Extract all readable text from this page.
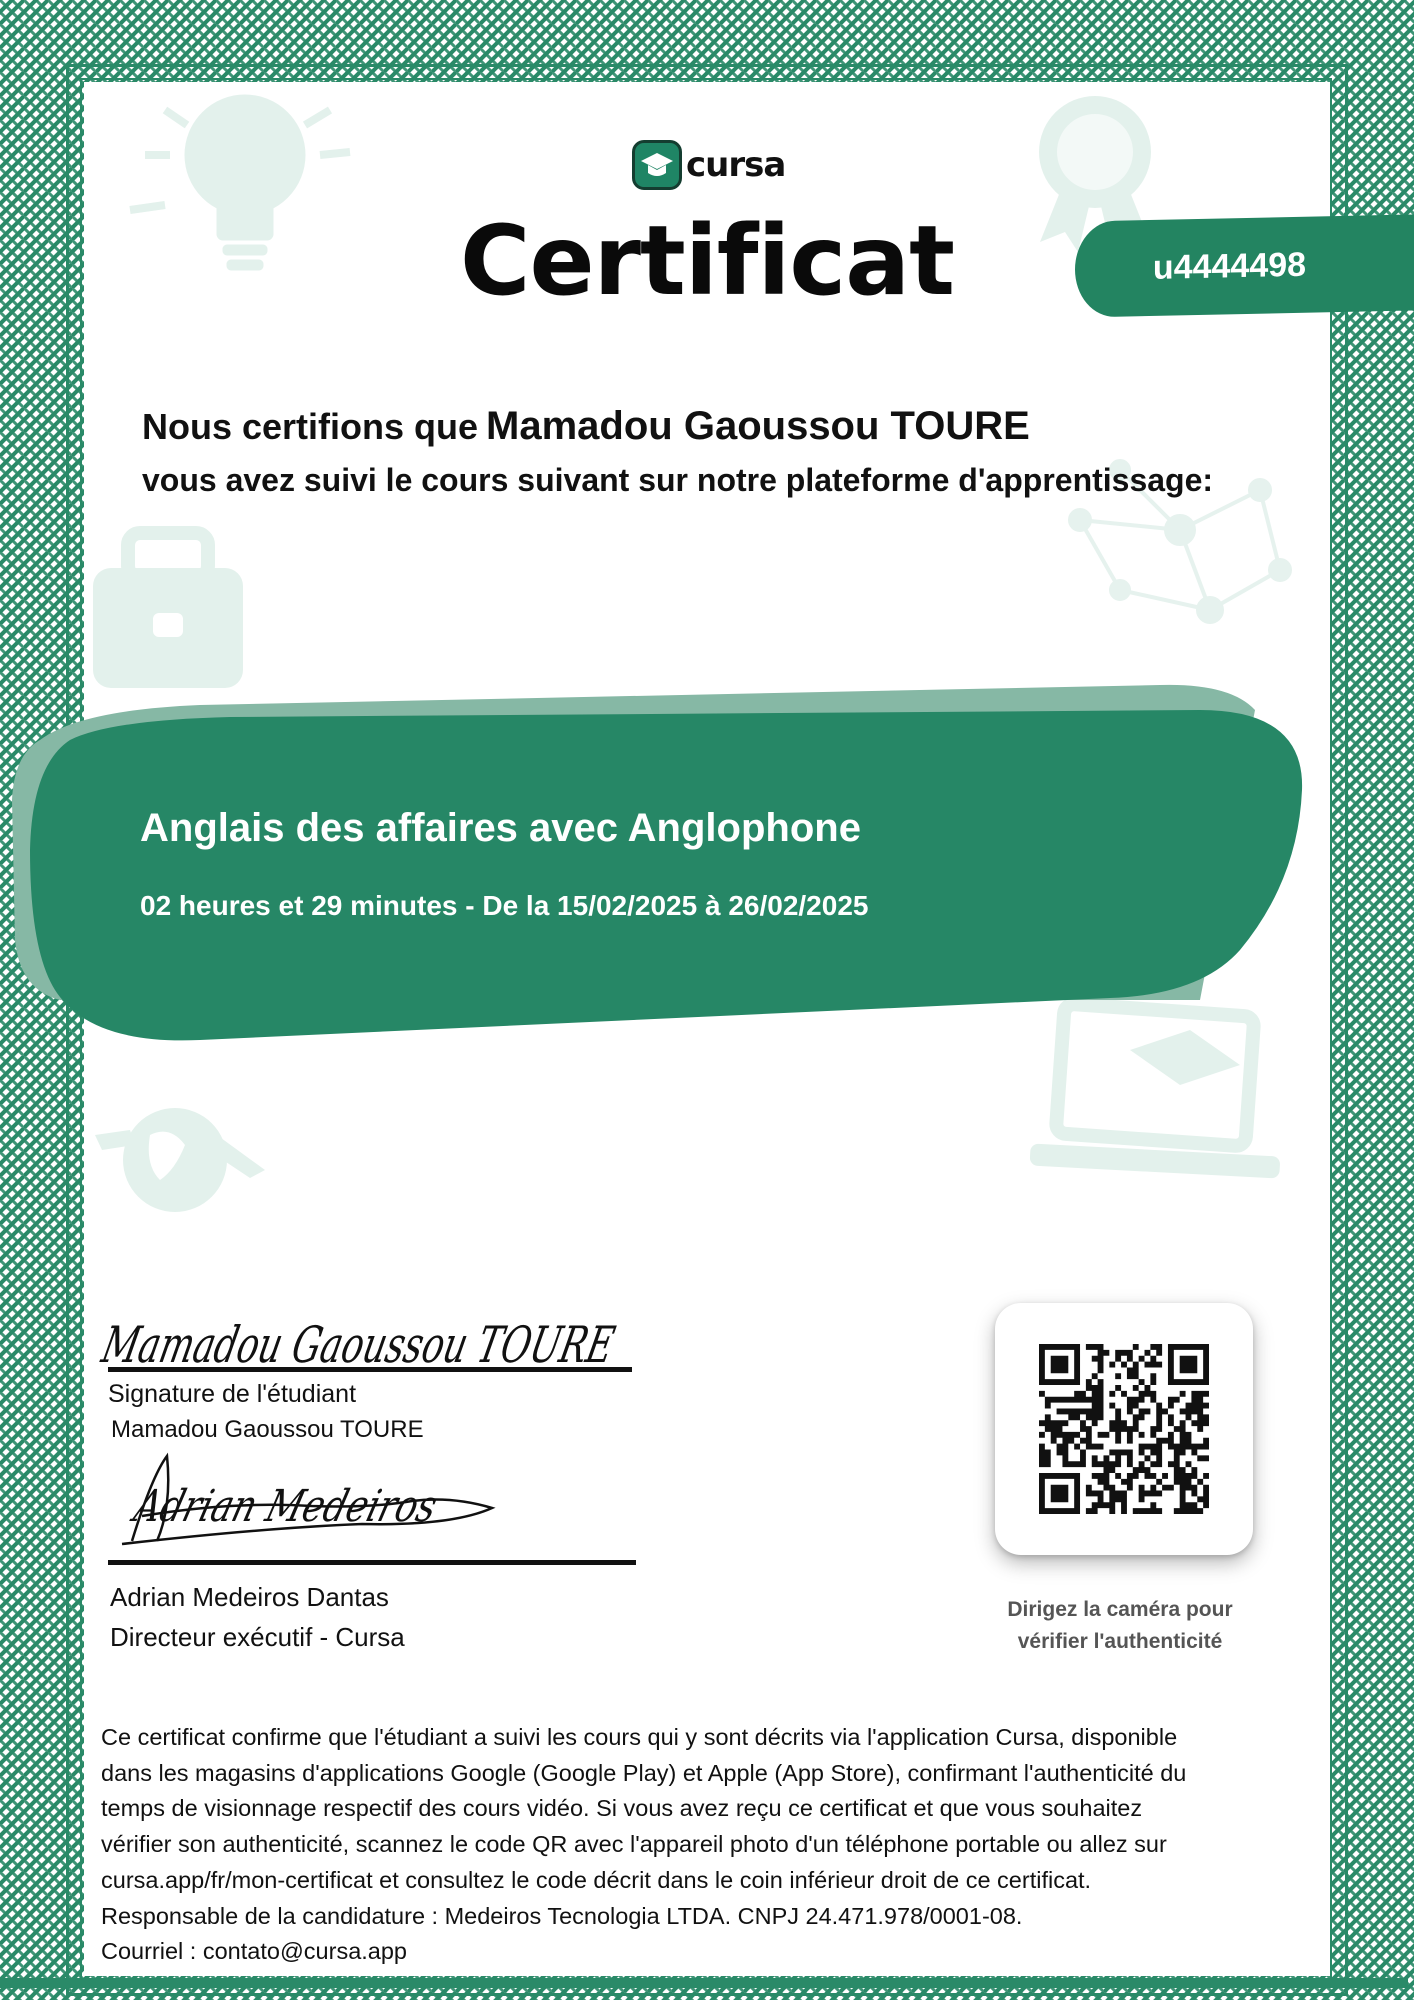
cursa
Certificat	u4444498
Nous certifions que Mamadou Gaoussou TOURE
vous avez suivi le cours suivant sur notre plateforme d'apprentissage:
Anglais des affaires avec Anglophone
02 heures et 29 minutes - De la 15/02/2025 à 26/02/2025
Mamadou Gaoussou TOURE
Signature de l'étudiant
Mamadou Gaoussou TOURE
Adrian Medeiros
Adrian Medeiros Dantas
Directeur exécutif - Cursa
Dirigez la caméra pour
vérifier l'authenticité
Ce certificat confirme que l'étudiant a suivi les cours qui y sont décrits via l'application Cursa, disponible
dans les magasins d'applications Google (Google Play) et Apple (App Store), confirmant l'authenticité du
temps de visionnage respectif des cours vidéo. Si vous avez reçu ce certificat et que vous souhaitez
vérifier son authenticité, scannez le code QR avec l'appareil photo d'un téléphone portable ou allez sur
cursa.app/fr/mon-certificat et consultez le code décrit dans le coin inférieur droit de ce certificat.
Responsable de la candidature : Medeiros Tecnologia LTDA. CNPJ 24.471.978/0001-08.
Courriel : contato@cursa.app
